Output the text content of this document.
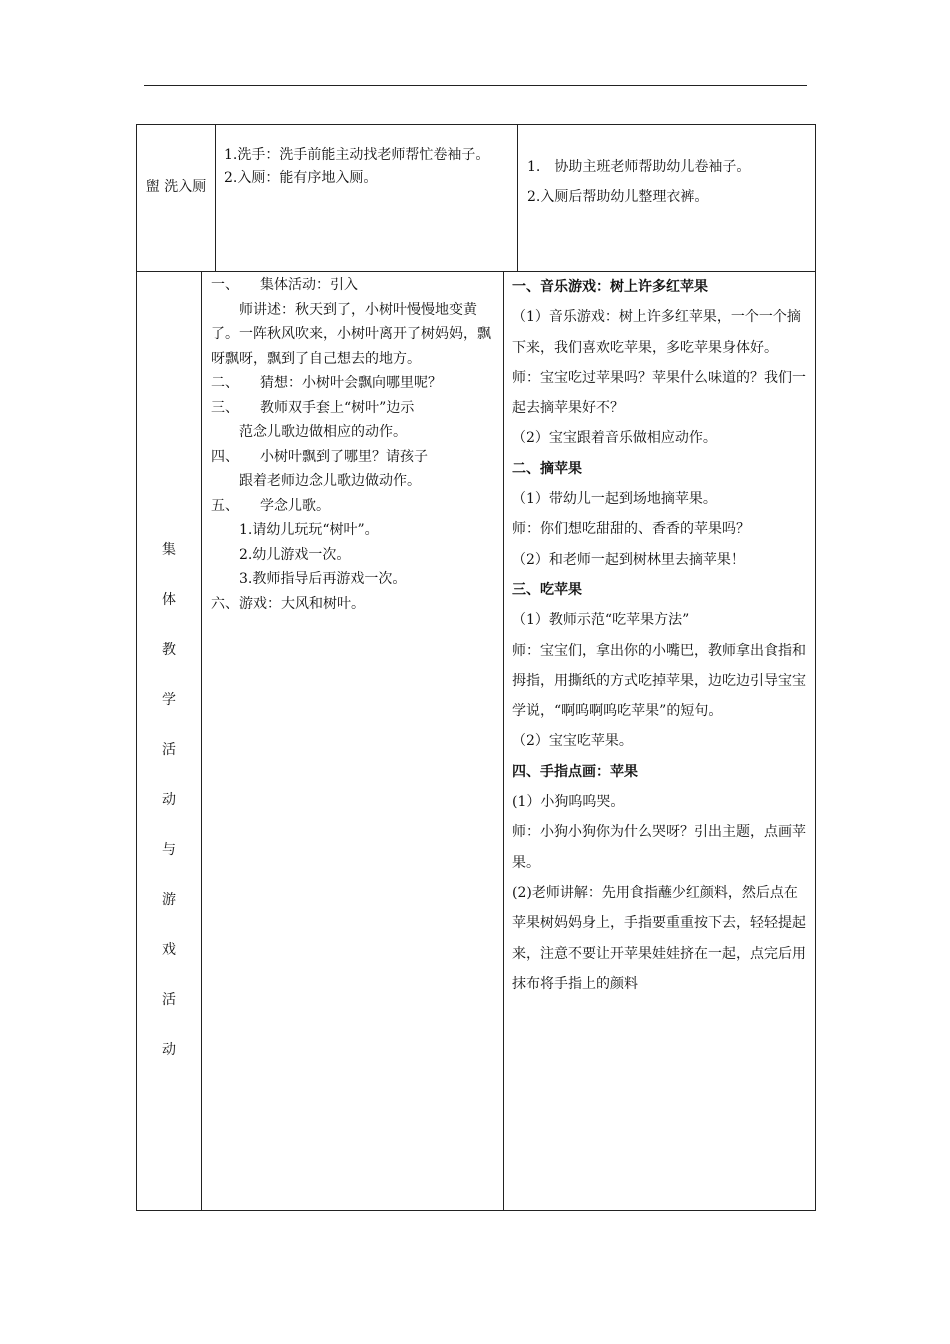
盥 洗入厕

1.洗手：洗手前能主动找老师帮忙卷袖子。

2.入厕：能有序地入厕。

1.　协助主班老师帮助幼儿卷袖子。

2.入厕后帮助幼儿整理衣裤。

集
体
教
学
活
动
与
游
戏
活
动

一、　　集体活动：引入

　　师讲述：秋天到了，小树叶慢慢地变黄了。一阵秋风吹来，小树叶离开了树妈妈，飘呀飘呀，飘到了自己想去的地方。

二、　　猜想：小树叶会飘向哪里呢？

三、　　教师双手套上“树叶”边示

　　范念儿歌边做相应的动作。

四、　　小树叶飘到了哪里？请孩子

　　跟着老师边念儿歌边做动作。

五、　　学念儿歌。

　　1.请幼儿玩玩“树叶”。

　　2.幼儿游戏一次。

　　3.教师指导后再游戏一次。

六、游戏：大风和树叶。

一、音乐游戏：树上许多红苹果

（1）音乐游戏：树上许多红苹果，一个一个摘下来，我们喜欢吃苹果，多吃苹果身体好。

师：宝宝吃过苹果吗？苹果什么味道的？我们一起去摘苹果好不？

（2）宝宝跟着音乐做相应动作。

二、摘苹果

（1）带幼儿一起到场地摘苹果。

师：你们想吃甜甜的、香香的苹果吗？

（2）和老师一起到树林里去摘苹果！

三、吃苹果

（1）教师示范“吃苹果方法”

师：宝宝们，拿出你的小嘴巴，教师拿出食指和拇指，用撕纸的方式吃掉苹果，边吃边引导宝宝学说，“啊呜啊呜吃苹果”的短句。

（2）宝宝吃苹果。

四、手指点画：苹果

(1）小狗呜呜哭。

师：小狗小狗你为什么哭呀？引出主题，点画苹果。

(2)老师讲解：先用食指蘸少红颜料，然后点在苹果树妈妈身上，手指要重重按下去，轻轻提起来，注意不要让开苹果娃娃挤在一起，点完后用抹布将手指上的颜料
